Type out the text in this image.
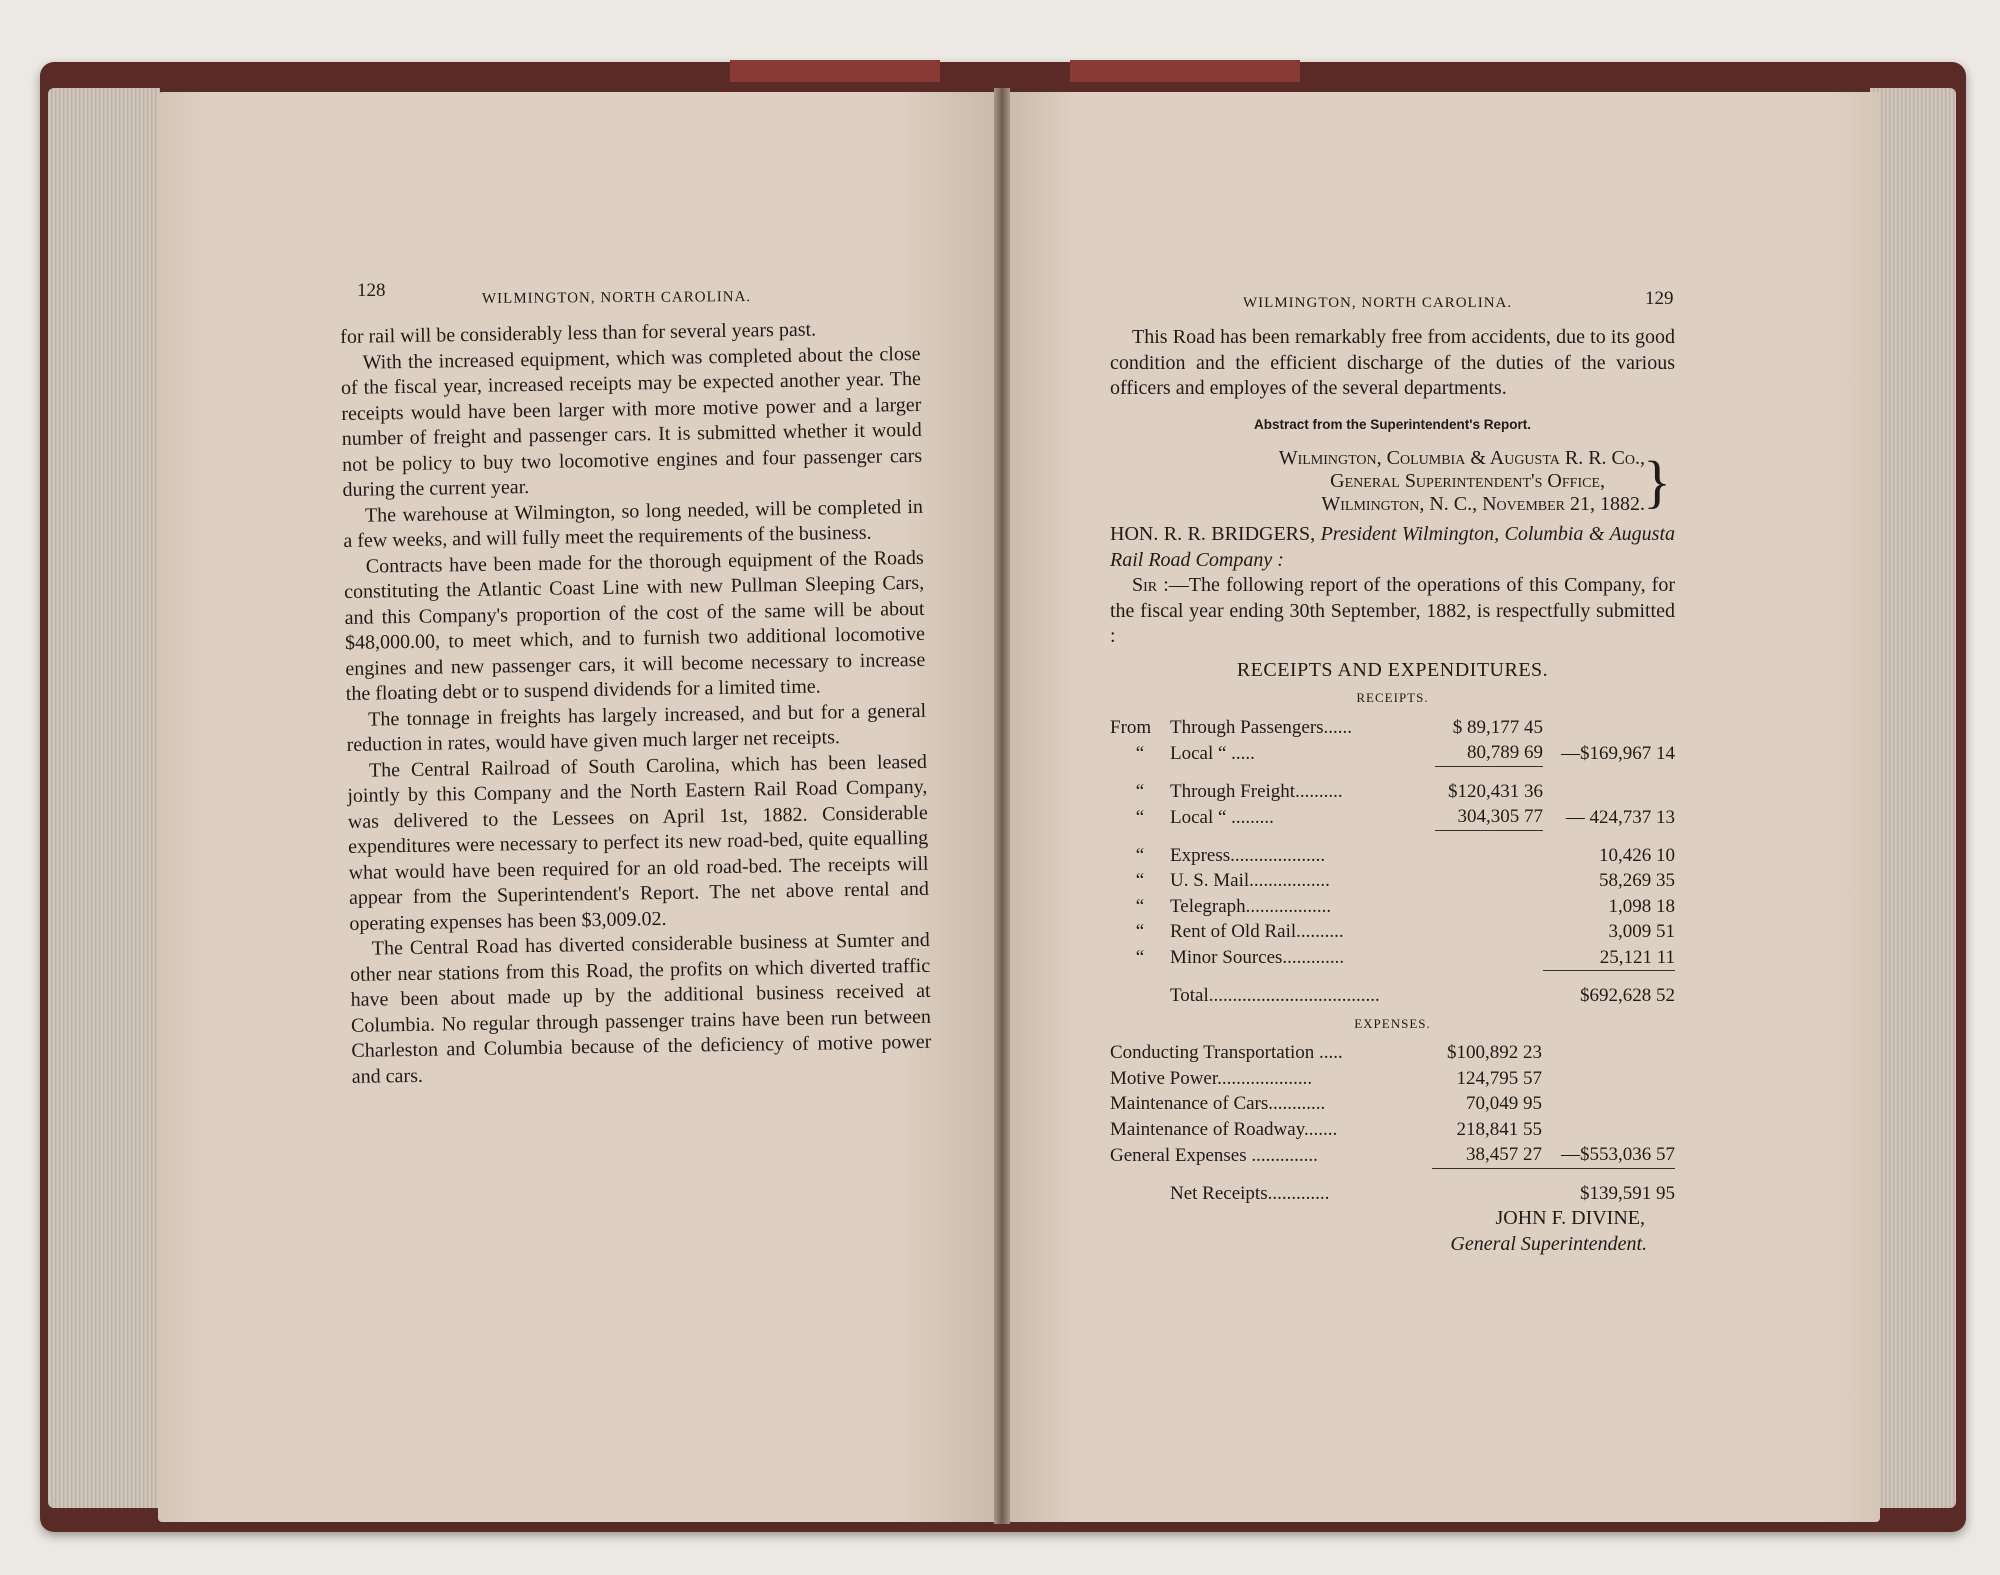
128	WILMINGTON, NORTH CAROLINA.

for rail will be considerably less than for several years past.

With the increased equipment, which was completed about the close of the fiscal year, increased receipts may be expected another year. The receipts would have been larger with more motive power and a larger number of freight and passenger cars. It is submitted whether it would not be policy to buy two locomotive engines and four passenger cars during the current year.

The warehouse at Wilmington, so long needed, will be completed in a few weeks, and will fully meet the requirements of the business.

Contracts have been made for the thorough equipment of the Roads constituting the Atlantic Coast Line with new Pullman Sleeping Cars, and this Company's proportion of the cost of the same will be about $48,000.00, to meet which, and to furnish two additional locomotive engines and new passenger cars, it will become necessary to increase the floating debt or to suspend dividends for a limited time.

The tonnage in freights has largely increased, and but for a general reduction in rates, would have given much larger net receipts.

The Central Railroad of South Carolina, which has been leased jointly by this Company and the North Eastern Rail Road Company, was delivered to the Lessees on April 1st, 1882. Considerable expenditures were necessary to perfect its new road-bed, quite equalling what would have been required for an old road-bed. The receipts will appear from the Superintendent's Report. The net above rental and operating expenses has been $3,009.02.

The Central Road has diverted considerable business at Sumter and other near stations from this Road, the profits on which diverted traffic have been about made up by the additional business received at Columbia. No regular through passenger trains have been run between Charleston and Columbia because of the deficiency of motive power and cars.

WILMINGTON, NORTH CAROLINA.	129

This Road has been remarkably free from accidents, due to its good condition and the efficient discharge of the duties of the various officers and employes of the several departments.

Abstract from the Superintendent's Report.
Wilmington, Columbia & Augusta R. R. Co.,
General Superintendent's Office,
Wilmington, N. C., November 21, 1882.
}

HON. R. R. BRIDGERS, President Wilmington, Columbia & Augusta Rail Road Company :

Sir :—The following report of the operations of this Company, for the fiscal year ending 30th September, 1882, is respectfully submitted :

RECEIPTS AND EXPENDITURES.
RECEIPTS.
From	Through Passengers......	$ 89,177 45	
“	Local “ .....	80,789 69	—$169,967 14

“	Through Freight..........	$120,431 36	
“	Local “ .........	304,305 77	— 424,737 13

“	Express....................		10,426 10
“	U. S. Mail.................		58,269 35
“	Telegraph..................		1,098 18
“	Rent of Old Rail..........		3,009 51
“	Minor Sources.............		25,121 11

	Total....................................		$692,628 52
EXPENSES.
Conducting Transportation .....	$100,892 23	
Motive Power....................	124,795 57	
Maintenance of Cars............	70,049 95	
Maintenance of Roadway.......	218,841 55	
General Expenses ..............	38,457 27	—$553,036 57

Net Receipts.............		$139,591 95
JOHN F. DIVINE,
General Superintendent.
